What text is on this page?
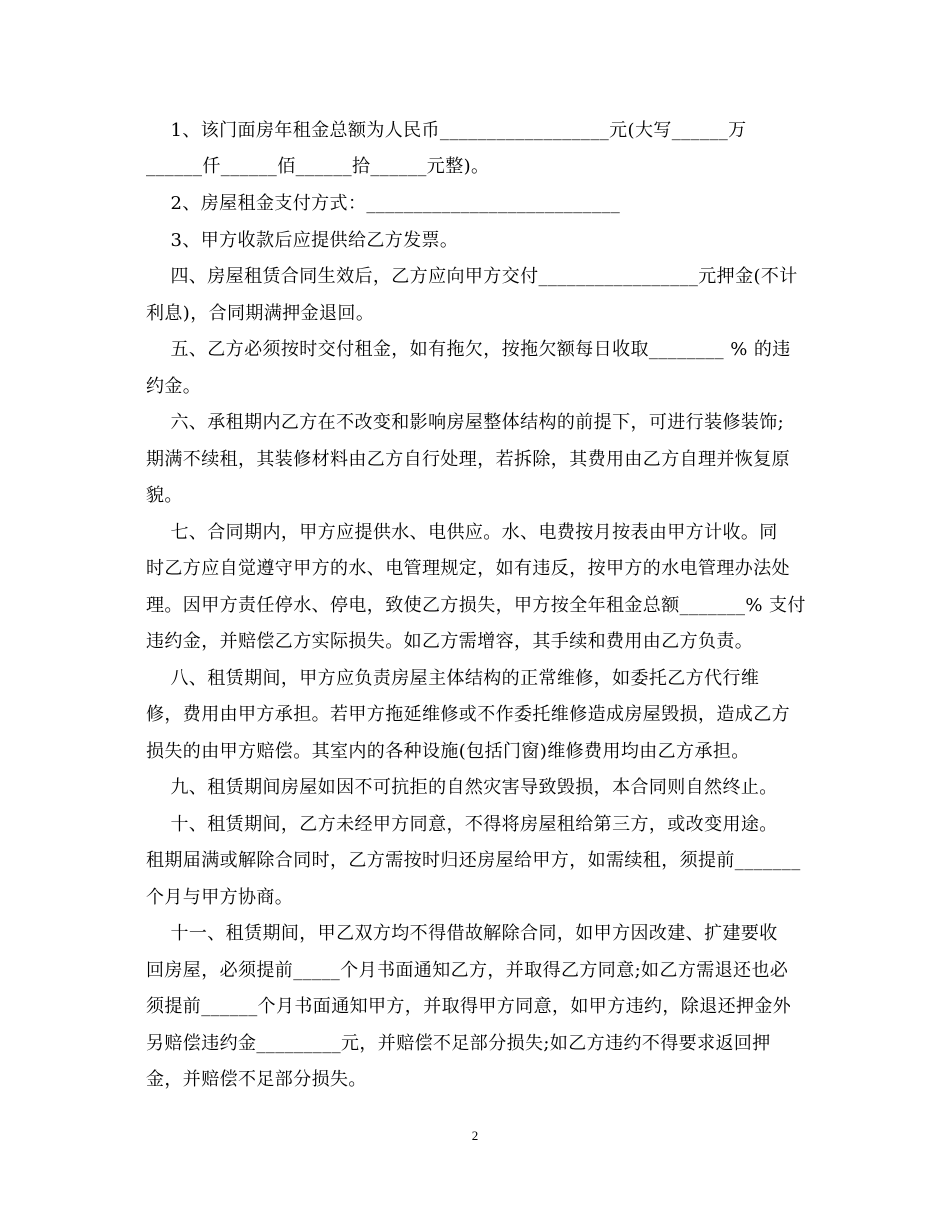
1、该门面房年租金总额为人民币__________________元(大写______万
______仟______佰______拾______元整)。
2、房屋租金支付方式：___________________________
3、甲方收款后应提供给乙方发票。
四、房屋租赁合同生效后，乙方应向甲方交付_________________元押金(不计
利息)，合同期满押金退回。
五、乙方必须按时交付租金，如有拖欠，按拖欠额每日收取________ % 的违
约金。
六、承租期内乙方在不改变和影响房屋整体结构的前提下，可进行装修装饰;
期满不续租，其装修材料由乙方自行处理，若拆除，其费用由乙方自理并恢复原
貌。
七、合同期内，甲方应提供水、电供应。水、电费按月按表由甲方计收。同
时乙方应自觉遵守甲方的水、电管理规定，如有违反，按甲方的水电管理办法处
理。因甲方责任停水、停电，致使乙方损失，甲方按全年租金总额_______% 支付
违约金，并赔偿乙方实际损失。如乙方需增容，其手续和费用由乙方负责。
八、租赁期间，甲方应负责房屋主体结构的正常维修，如委托乙方代行维
修，费用由甲方承担。若甲方拖延维修或不作委托维修造成房屋毁损，造成乙方
损失的由甲方赔偿。其室内的各种设施(包括门窗)维修费用均由乙方承担。
九、租赁期间房屋如因不可抗拒的自然灾害导致毁损，本合同则自然终止。
十、租赁期间，乙方未经甲方同意，不得将房屋租给第三方，或改变用途。
租期届满或解除合同时，乙方需按时归还房屋给甲方，如需续租，须提前_______
个月与甲方协商。
十一、租赁期间，甲乙双方均不得借故解除合同，如甲方因改建、扩建要收
回房屋，必须提前_____个月书面通知乙方，并取得乙方同意;如乙方需退还也必
须提前______个月书面通知甲方，并取得甲方同意，如甲方违约，除退还押金外
另赔偿违约金_________元，并赔偿不足部分损失;如乙方违约不得要求返回押
金，并赔偿不足部分损失。
2
